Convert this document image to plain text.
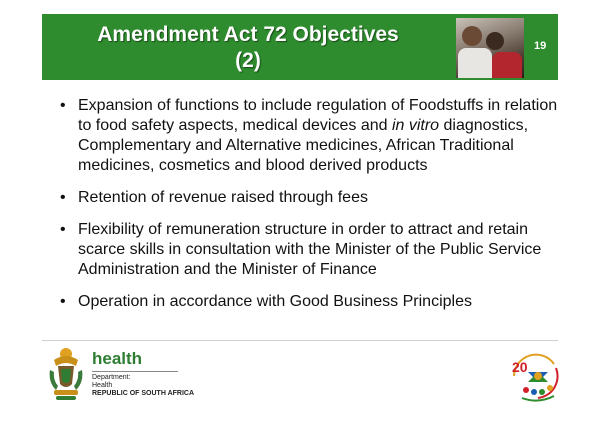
Amendment Act 72 Objectives
(2)
19
• Expansion of functions to include regulation of Foodstuffs in relation to food safety aspects, medical devices and in vitro diagnostics, Complementary and Alternative medicines, African Traditional medicines, cosmetics and blood derived products
• Retention of revenue raised through fees
• Flexibility of remuneration structure in order to attract and retain scarce skills in consultation with the Minister of the Public Service Administration and the Minister of Finance
• Operation in accordance with Good Business Principles
health
Department:
Health
REPUBLIC OF SOUTH AFRICA
20
